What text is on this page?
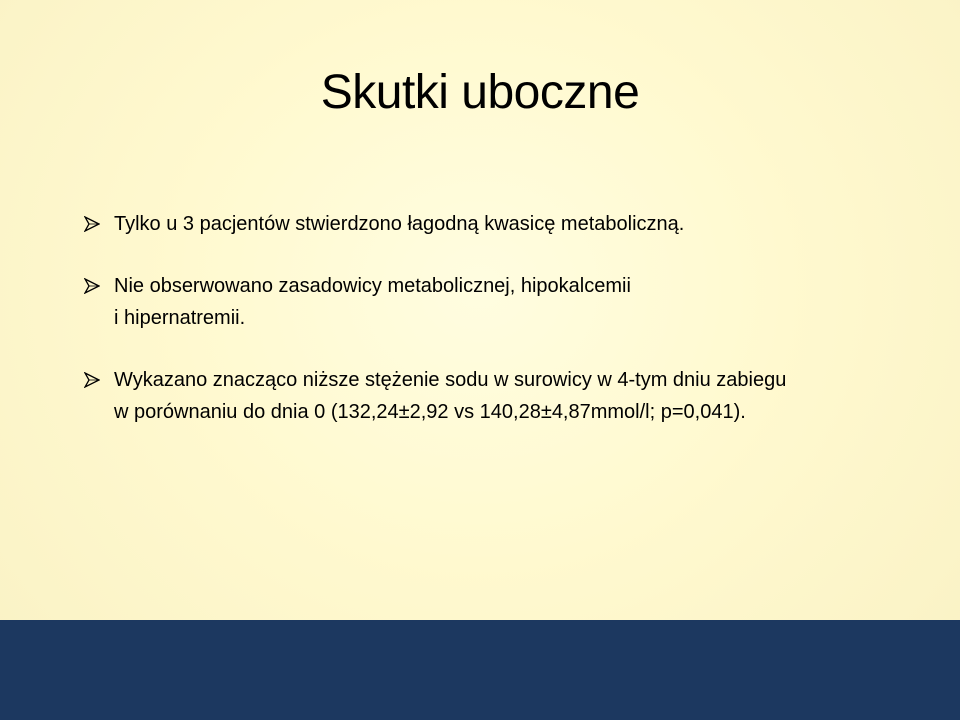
Skutki uboczne
Tylko u 3 pacjentów stwierdzono łagodną kwasicę metaboliczną.
Nie obserwowano zasadowicy metabolicznej, hipokalcemii
i hipernatremii.
Wykazano znacząco niższe stężenie sodu w surowicy w 4-tym dniu zabiegu
w porównaniu do dnia 0 (132,24±2,92 vs 140,28±4,87mmol/l; p=0,041).
